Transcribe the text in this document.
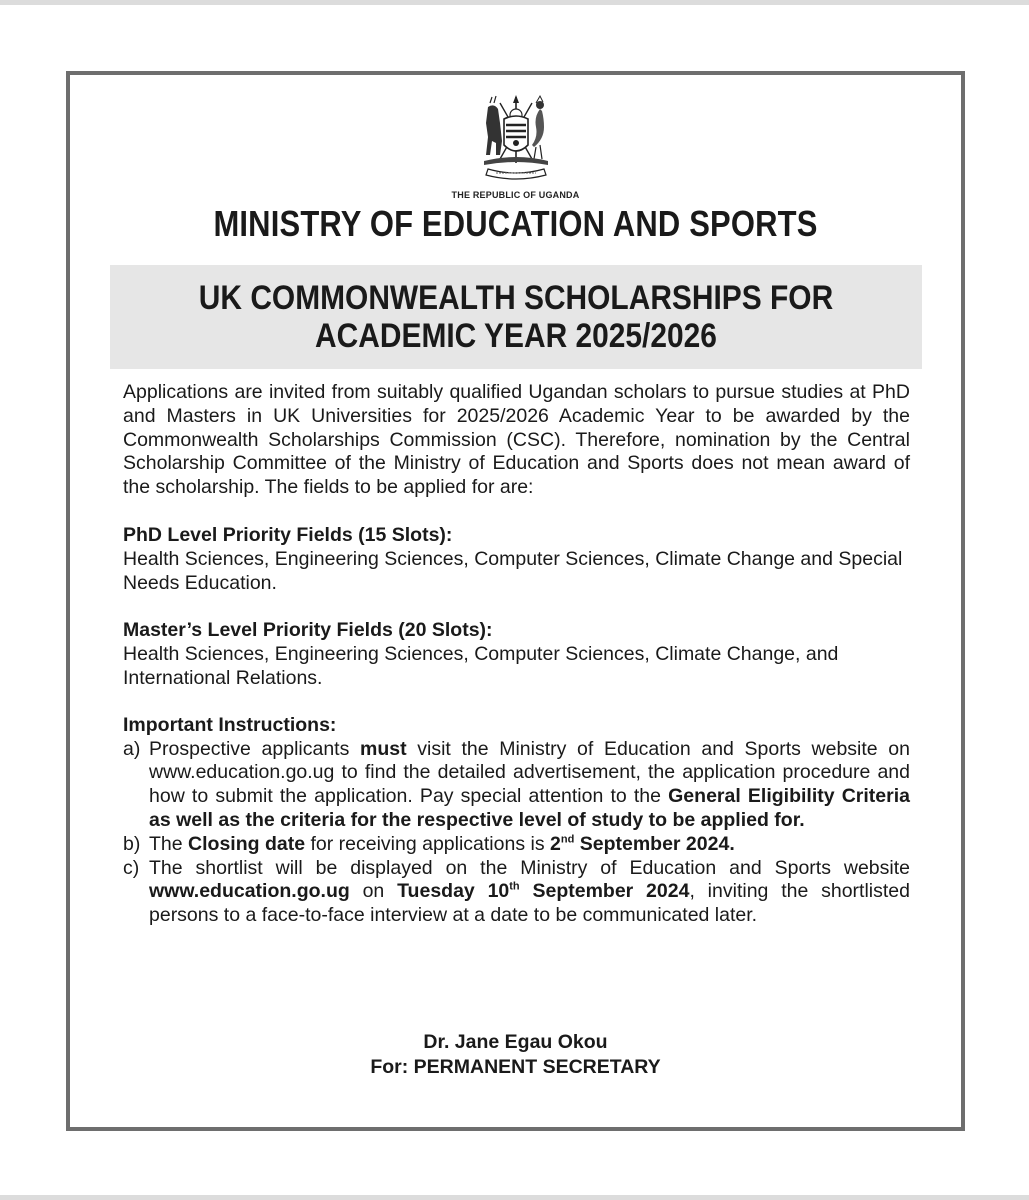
THE REPUBLIC OF UGANDA
MINISTRY OF EDUCATION AND SPORTS
UK COMMONWEALTH SCHOLARSHIPS FOR
ACADEMIC YEAR 2025/2026

Applications are invited from suitably qualified Ugandan scholars to pursue studies at PhD and Masters in UK Universities for 2025/2026 Academic Year to be awarded by the Commonwealth Scholarships Commission (CSC). Therefore, nomination by the Central Scholarship Committee of the Ministry of Education and Sports does not mean award of the scholarship. The fields to be applied for are:

PhD Level Priority Fields (15 Slots):

Health Sciences, Engineering Sciences, Computer Sciences, Climate Change and Special Needs Education.

Master’s Level Priority Fields (20 Slots):

Health Sciences, Engineering Sciences, Computer Sciences, Climate Change, and International Relations.

Important Instructions:

a) Prospective applicants must visit the Ministry of Education and Sports website on www.education.go.ug to find the detailed advertisement, the application procedure and how to submit the application. Pay special attention to the General Eligibility Criteria as well as the criteria for the respective level of study to be applied for.
b) The Closing date for receiving applications is 2nd September 2024.
c) The shortlist will be displayed on the Ministry of Education and Sports website www.education.go.ug on Tuesday 10th September 2024, inviting the shortlisted persons to a face-to-face interview at a date to be communicated later.
Dr. Jane Egau Okou
For: PERMANENT SECRETARY
